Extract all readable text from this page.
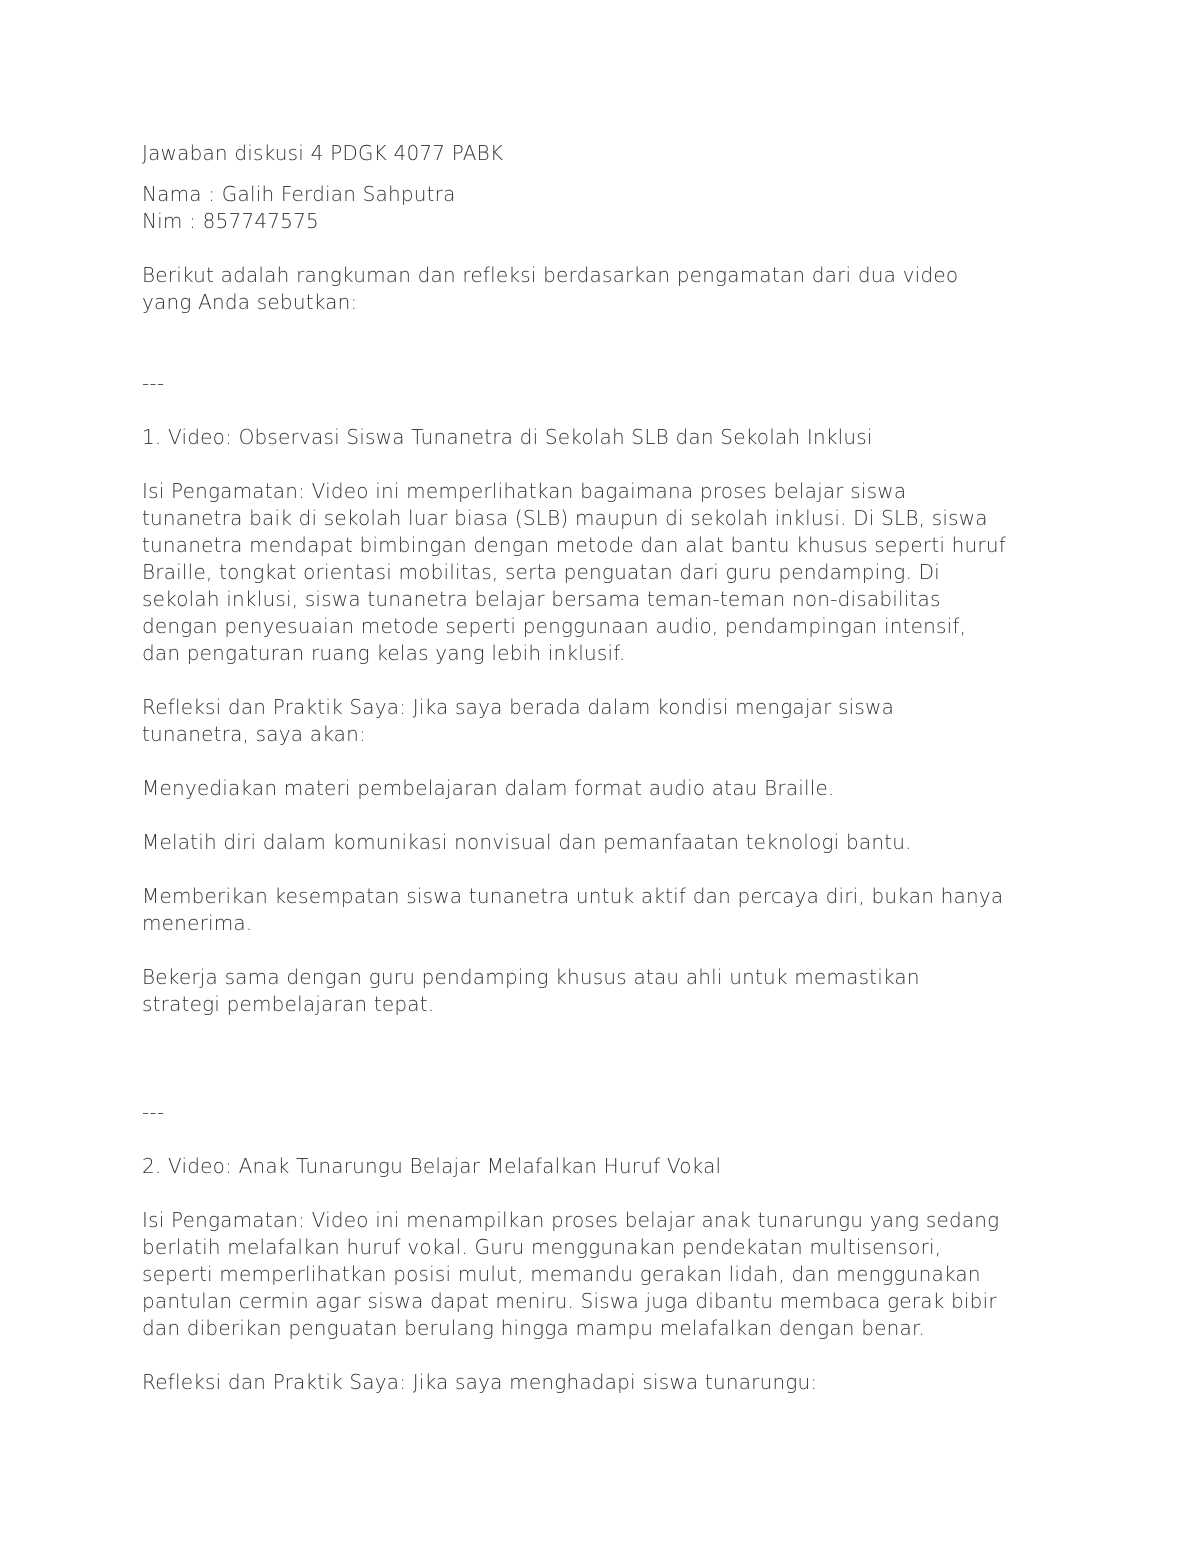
Jawaban diskusi 4 PDGK 4077 PABK

Nama : Galih Ferdian Sahputra

Nim : 857747575

Berikut adalah rangkuman dan refleksi berdasarkan pengamatan dari dua video

yang Anda sebutkan:

---

1. Video: Observasi Siswa Tunanetra di Sekolah SLB dan Sekolah Inklusi

Isi Pengamatan: Video ini memperlihatkan bagaimana proses belajar siswa

tunanetra baik di sekolah luar biasa (SLB) maupun di sekolah inklusi. Di SLB, siswa

tunanetra mendapat bimbingan dengan metode dan alat bantu khusus seperti huruf

Braille, tongkat orientasi mobilitas, serta penguatan dari guru pendamping. Di

sekolah inklusi, siswa tunanetra belajar bersama teman-teman non-disabilitas

dengan penyesuaian metode seperti penggunaan audio, pendampingan intensif,

dan pengaturan ruang kelas yang lebih inklusif.

Refleksi dan Praktik Saya: Jika saya berada dalam kondisi mengajar siswa

tunanetra, saya akan:

Menyediakan materi pembelajaran dalam format audio atau Braille.

Melatih diri dalam komunikasi nonvisual dan pemanfaatan teknologi bantu.

Memberikan kesempatan siswa tunanetra untuk aktif dan percaya diri, bukan hanya

menerima.

Bekerja sama dengan guru pendamping khusus atau ahli untuk memastikan

strategi pembelajaran tepat.

---

2. Video: Anak Tunarungu Belajar Melafalkan Huruf Vokal

Isi Pengamatan: Video ini menampilkan proses belajar anak tunarungu yang sedang

berlatih melafalkan huruf vokal. Guru menggunakan pendekatan multisensori,

seperti memperlihatkan posisi mulut, memandu gerakan lidah, dan menggunakan

pantulan cermin agar siswa dapat meniru. Siswa juga dibantu membaca gerak bibir

dan diberikan penguatan berulang hingga mampu melafalkan dengan benar.

Refleksi dan Praktik Saya: Jika saya menghadapi siswa tunarungu:
